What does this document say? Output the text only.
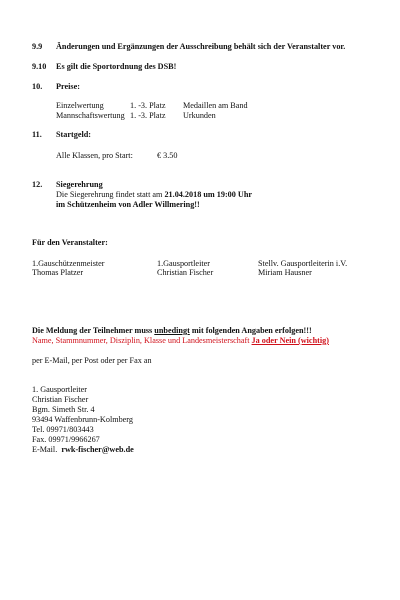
9.9 Änderungen und Ergänzungen der Ausschreibung behält sich der Veranstalter vor.
9.10 Es gilt die Sportordnung des DSB!
10. Preise:
Einzelwertung	1. -3. Platz Medaillen am Band
Mannschaftswertung 1. -3. Platz Urkunden
11. Startgeld:
Alle Klassen, pro Start:	€ 3.50
12. Siegerehrung
Die Siegerehrung findet statt am 21.04.2018 um 19:00 Uhr
im Schützenheim von Adler Willmering!!
Für den Veranstalter:
1.Gauschützenmeister
Thomas Platzer
1.Gausportleiter
Christian Fischer
Stellv. Gausportleiterin i.V.
Miriam Hausner
Die Meldung der Teilnehmer muss unbedingt mit folgenden Angaben erfolgen!!!
Name, Stammnummer, Disziplin, Klasse und Landesmeisterschaft Ja oder Nein (wichtig)
per E-Mail, per Post oder per Fax an
1. Gausportleiter
Christian Fischer
Bgm. Simeth Str. 4
93494 Waffenbrunn-Kolmberg
Tel. 09971/803443
Fax. 09971/9966267
E-Mail. rwk-fischer@web.de
